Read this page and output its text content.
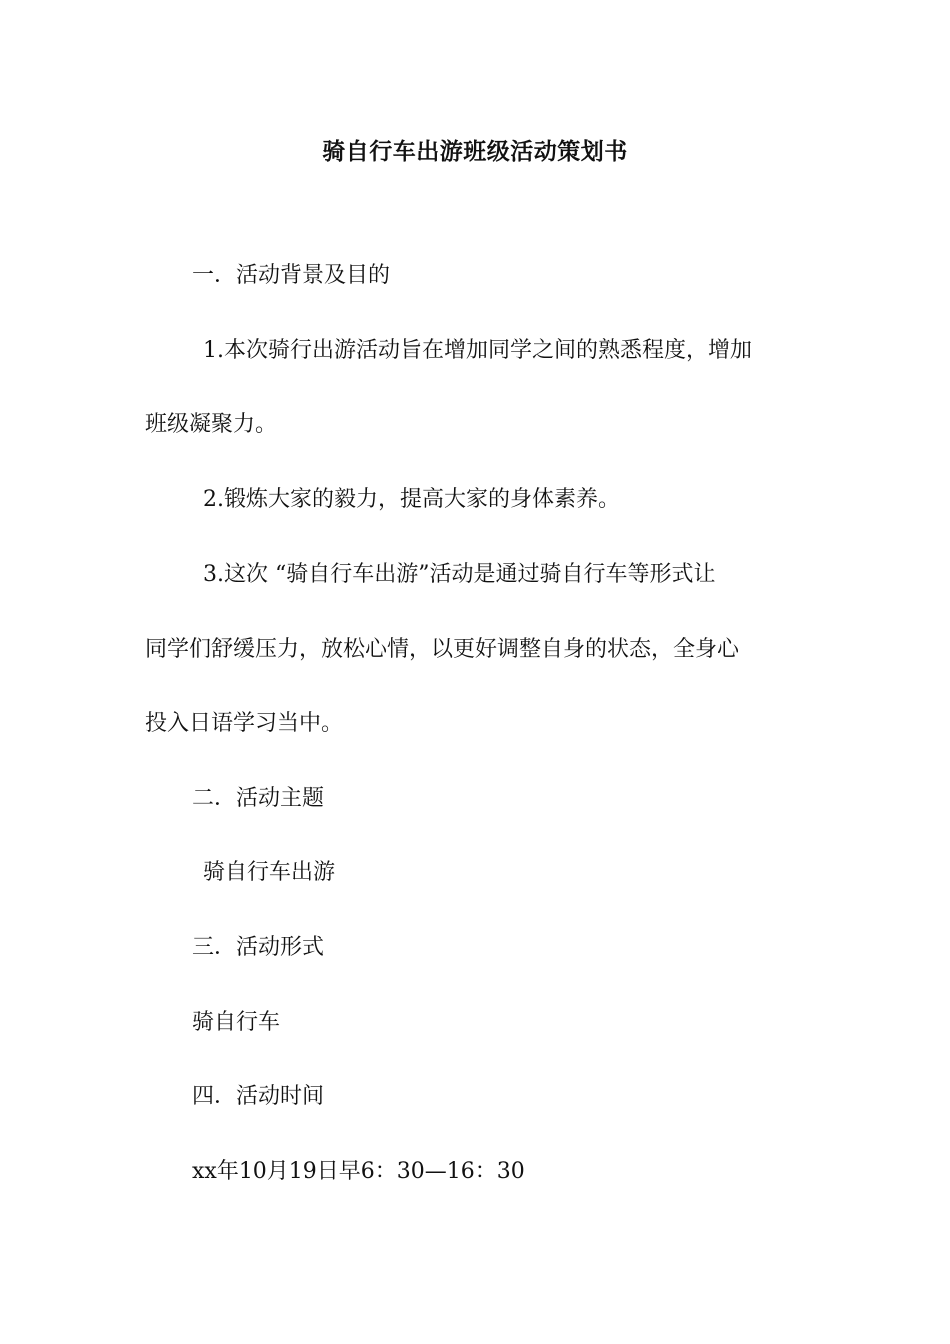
骑自行车出游班级活动策划书
一．活动背景及目的
1.本次骑行出游活动旨在增加同学之间的熟悉程度，增加
班级凝聚力。
2.锻炼大家的毅力，提高大家的身体素养。
3.这次 “骑自行车出游”活动是通过骑自行车等形式让
同学们舒缓压力，放松心情，以更好调整自身的状态，全身心
投入日语学习当中。
二．活动主题
骑自行车出游
三．活动形式
骑自行车
四．活动时间
xx年10月19日早6：30—16：30
